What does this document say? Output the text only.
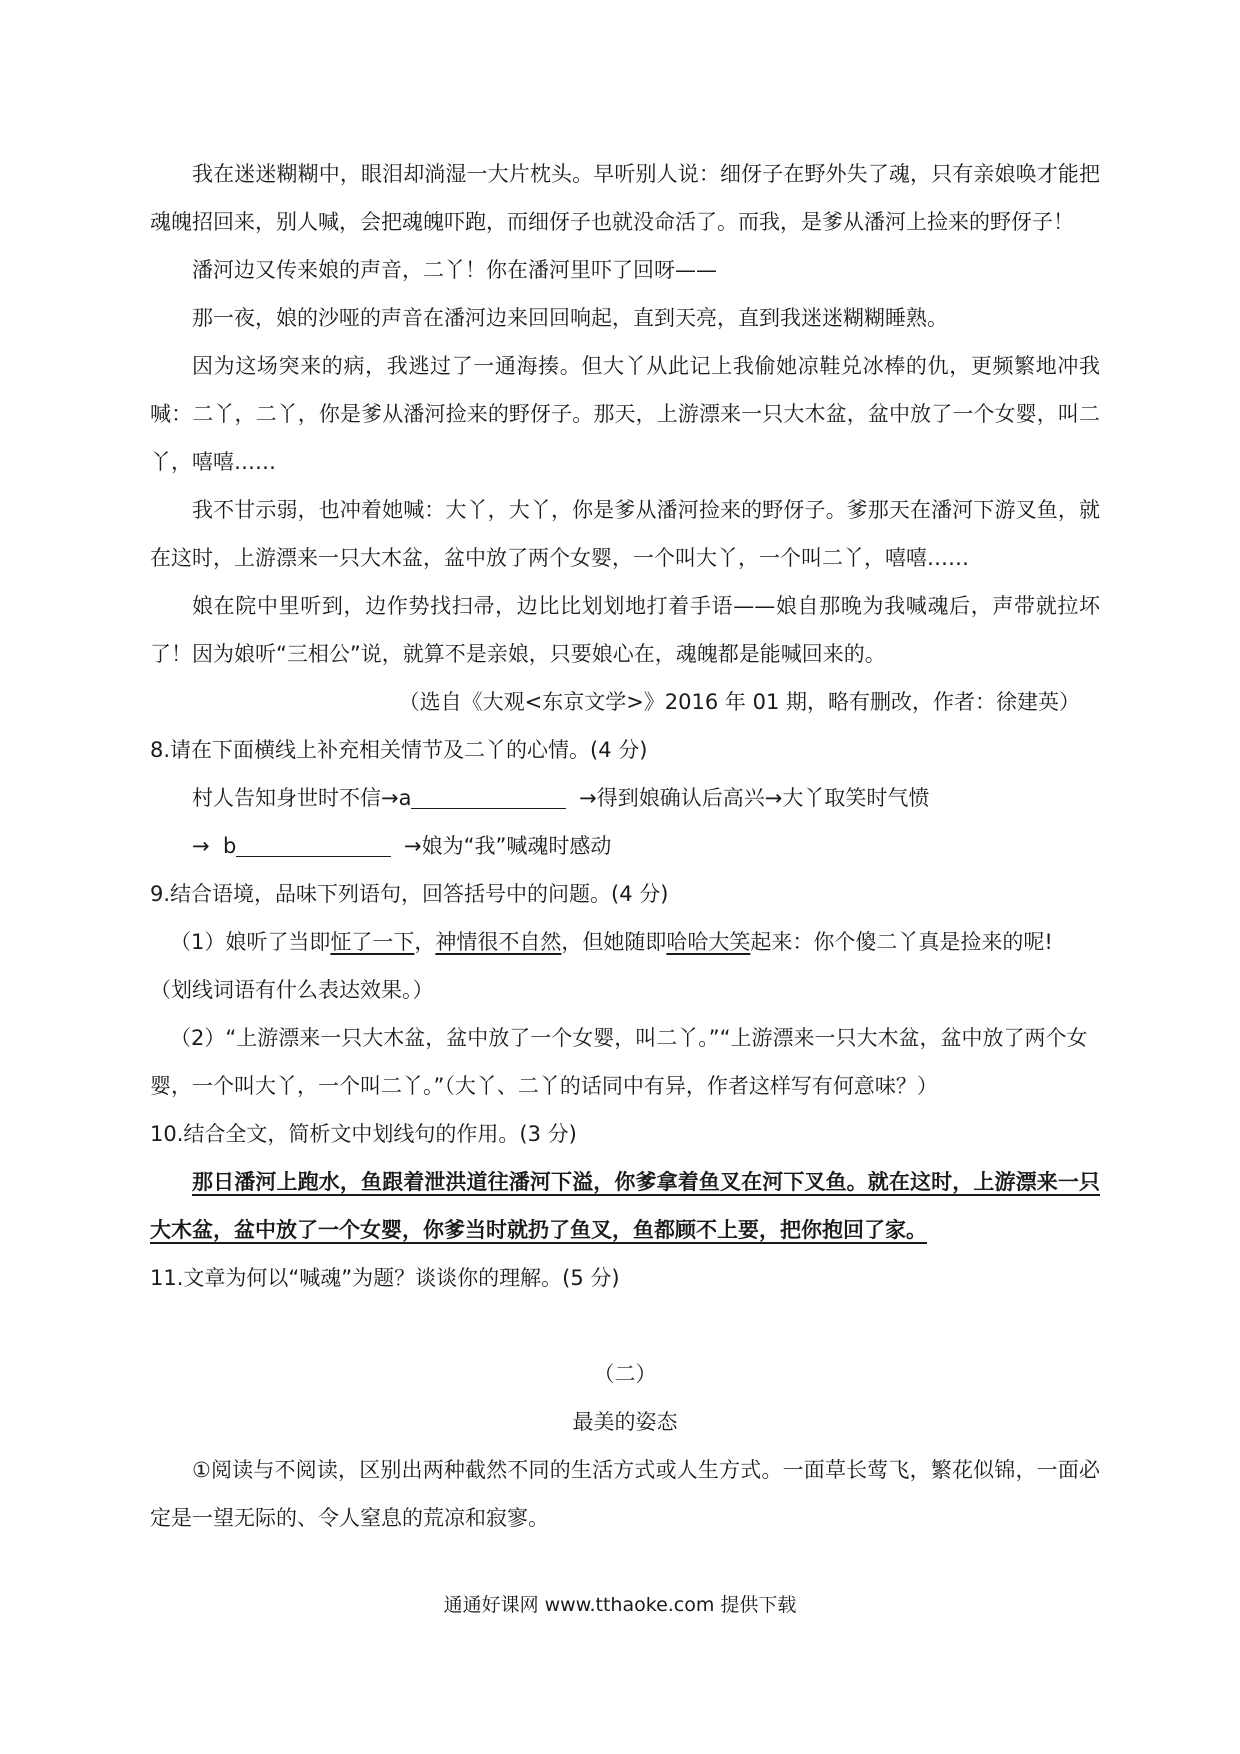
我在迷迷糊糊中，眼泪却淌湿一大片枕头。早听别人说：细伢子在野外失了魂，只有亲娘唤才能把魂魄招回来，别人喊，会把魂魄吓跑，而细伢子也就没命活了。而我，是爹从潘河上捡来的野伢子！

潘河边又传来娘的声音，二丫！你在潘河里吓了回呀——

那一夜，娘的沙哑的声音在潘河边来回回响起，直到天亮，直到我迷迷糊糊睡熟。

因为这场突来的病，我逃过了一通海揍。但大丫从此记上我偷她凉鞋兑冰棒的仇，更频繁地冲我喊：二丫，二丫，你是爹从潘河捡来的野伢子。那天，上游漂来一只大木盆，盆中放了一个女婴，叫二丫，嘻嘻……

我不甘示弱，也冲着她喊：大丫，大丫，你是爹从潘河捡来的野伢子。爹那天在潘河下游叉鱼，就在这时，上游漂来一只大木盆，盆中放了两个女婴，一个叫大丫，一个叫二丫，嘻嘻……

娘在院中里听到，边作势找扫帚，边比比划划地打着手语——娘自那晚为我喊魂后，声带就拉坏了！因为娘听“三相公”说，就算不是亲娘，只要娘心在，魂魄都是能喊回来的。

（选自《大观<东京文学>》2016 年 01 期，略有删改，作者：徐建英）

8.请在下面横线上补充相关情节及二丫的心情。(4 分)

村人告知身世时不信→a	→得到娘确认后高兴→大丫取笑时气愤

→  b	→娘为“我”喊魂时感动

9.结合语境，品味下列语句，回答括号中的问题。(4 分)

（1）娘听了当即怔了一下，神情很不自然，但她随即哈哈大笑起来：你个傻二丫真是捡来的呢!

（划线词语有什么表达效果。）

（2）“上游漂来一只大木盆，盆中放了一个女婴，叫二丫。”“上游漂来一只大木盆，盆中放了两个女婴，一个叫大丫，一个叫二丫。”（大丫、二丫的话同中有异，作者这样写有何意味？）

10.结合全文，简析文中划线句的作用。(3 分)

那日潘河上跑水，鱼跟着泄洪道往潘河下溢，你爹拿着鱼叉在河下叉鱼。就在这时，上游漂来一只大木盆，盆中放了一个女婴，你爹当时就扔了鱼叉，鱼都顾不上要，把你抱回了家。

11.文章为何以“喊魂”为题？谈谈你的理解。(5 分)

（二）

最美的姿态

①阅读与不阅读，区别出两种截然不同的生活方式或人生方式。一面草长莺飞，繁花似锦，一面必定是一望无际的、令人窒息的荒凉和寂寥。

通通好课网 www.tthaoke.com 提供下载
